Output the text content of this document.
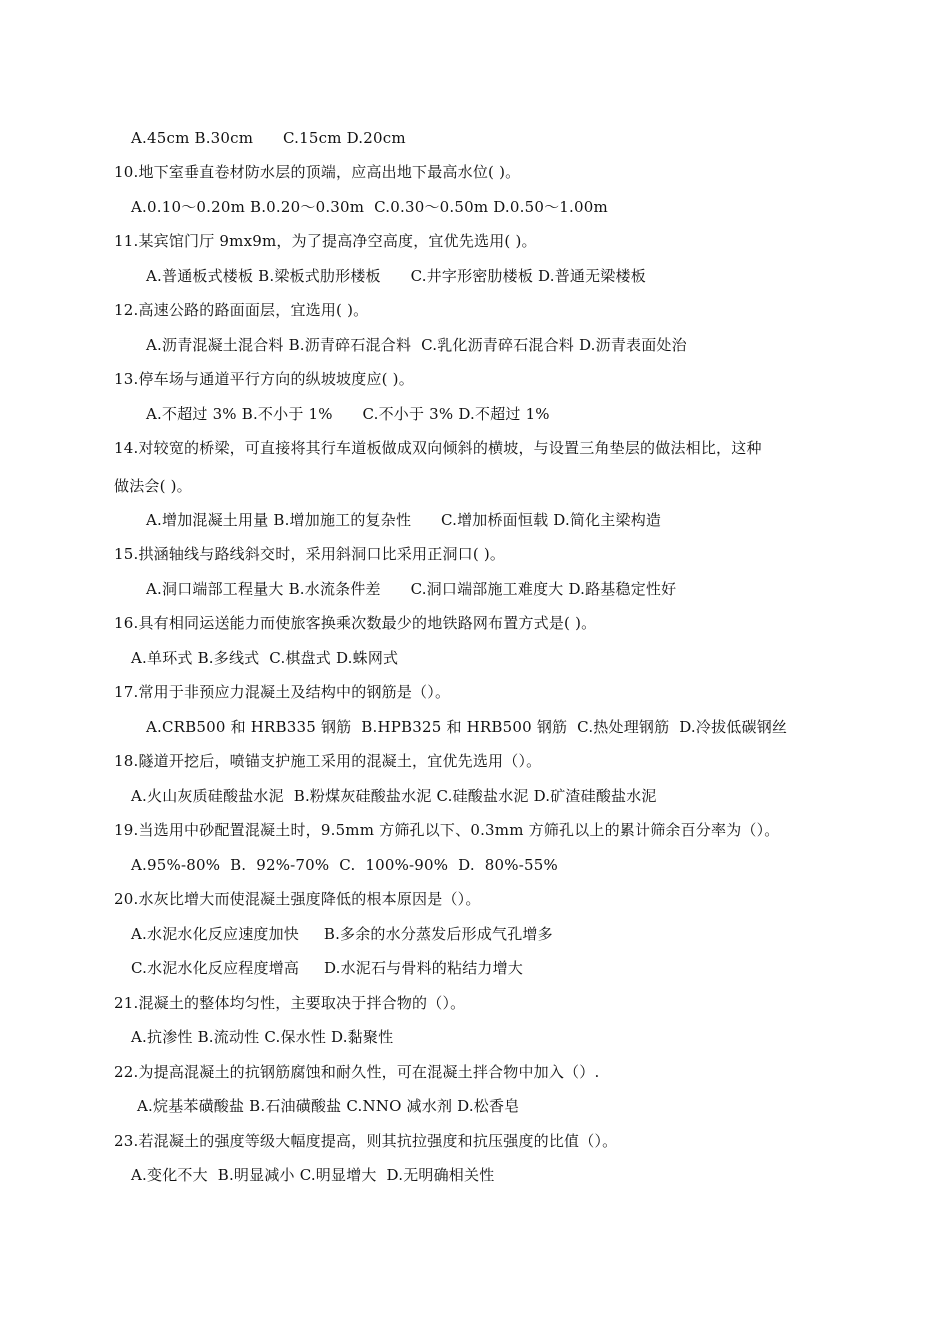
A.45cm B.30cm      C.15cm D.20cm
10.地下室垂直卷材防水层的顶端，应高出地下最高水位( )。
A.0.10～0.20m B.0.20～0.30m  C.0.30～0.50m D.0.50～1.00m
11.某宾馆门厅 9mx9m，为了提高净空高度，宜优先选用( )。
A.普通板式楼板 B.梁板式肋形楼板      C.井字形密肋楼板 D.普通无梁楼板
12.高速公路的路面面层，宜选用( )。
A.沥青混凝土混合料 B.沥青碎石混合料  C.乳化沥青碎石混合料 D.沥青表面处治
13.停车场与通道平行方向的纵坡坡度应( )。
A.不超过 3% B.不小于 1%      C.不小于 3% D.不超过 1%
14.对较宽的桥梁，可直接将其行车道板做成双向倾斜的横坡，与设置三角垫层的做法相比，这种
做法会( )。
A.增加混凝土用量 B.增加施工的复杂性      C.增加桥面恒载 D.简化主梁构造
15.拱涵轴线与路线斜交时，采用斜洞口比采用正洞口( )。
A.洞口端部工程量大 B.水流条件差      C.洞口端部施工难度大 D.路基稳定性好
16.具有相同运送能力而使旅客换乘次数最少的地铁路网布置方式是( )。
A.单环式 B.多线式  C.棋盘式 D.蛛网式
17.常用于非预应力混凝土及结构中的钢筋是（）。
A.CRB500 和 HRB335 钢筋  B.HPB325 和 HRB500 钢筋  C.热处理钢筋  D.冷拔低碳钢丝
18.隧道开挖后，喷锚支护施工采用的混凝土，宜优先选用（）。
A.火山灰质硅酸盐水泥  B.粉煤灰硅酸盐水泥 C.硅酸盐水泥 D.矿渣硅酸盐水泥
19.当选用中砂配置混凝土时，9.5mm 方筛孔以下、0.3mm 方筛孔以上的累计筛余百分率为（）。
A.95%-80%  B.  92%-70%  C.  100%-90%  D.  80%-55%
20.水灰比增大而使混凝土强度降低的根本原因是（）。
A.水泥水化反应速度加快     B.多余的水分蒸发后形成气孔增多
C.水泥水化反应程度增高     D.水泥石与骨料的粘结力增大
21.混凝土的整体均匀性，主要取决于拌合物的（）。
A.抗渗性 B.流动性 C.保水性 D.黏聚性
22.为提高混凝土的抗钢筋腐蚀和耐久性，可在混凝土拌合物中加入（）.
A.烷基苯磺酸盐 B.石油磺酸盐 C.NNO 减水剂 D.松香皂
23.若混凝土的强度等级大幅度提高，则其抗拉强度和抗压强度的比值（）。
A.变化不大  B.明显减小 C.明显增大  D.无明确相关性
